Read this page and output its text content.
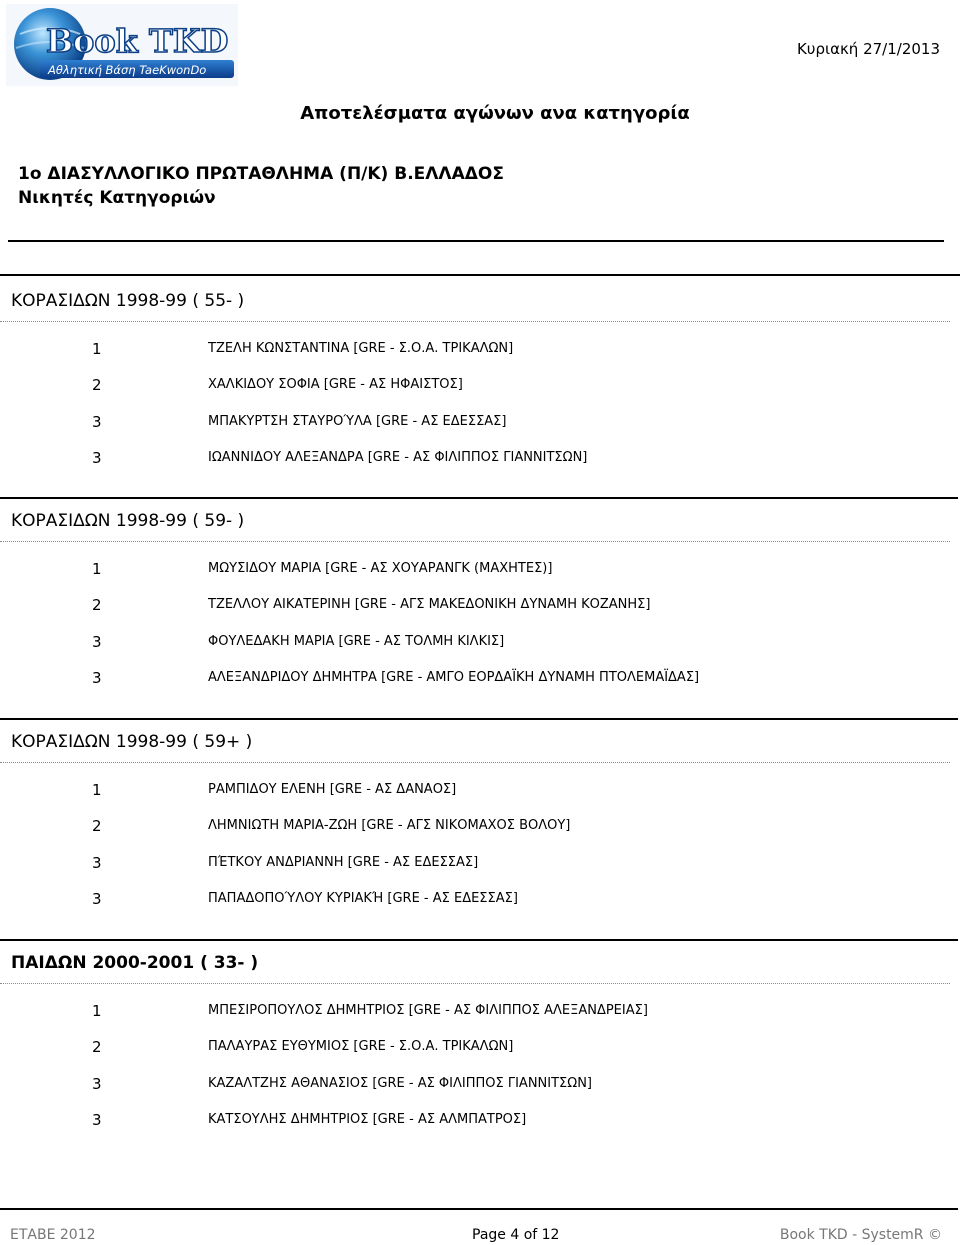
Book TKD
Αθλητική Βάση TaeKwonDo
Κυριακή 27/1/2013
Αποτελέσματα αγώνων ανα κατηγορία
1ο ΔΙΑΣΥΛΛΟΓΙΚΟ ΠΡΩΤΑΘΛΗΜΑ (Π/Κ) Β.ΕΛΛΑΔΟΣ
Νικητές Κατηγοριών
ΚΟΡΑΣΙΔΩΝ 1998-99 ( 55- )
1	ΤΖΕΛΗ ΚΩΝΣΤΑΝΤΙΝΑ [GRE - Σ.Ο.Α. ΤΡΙΚΑΛΩΝ]
2	ΧΑΛΚΙΔΟΥ ΣΟΦΙΑ [GRE - ΑΣ ΗΦΑΙΣΤΟΣ]
3	ΜΠΑΚΥΡΤΣΗ ΣΤΑΥΡΟΎΛΑ [GRE - ΑΣ ΕΔΕΣΣΑΣ]
3	ΙΩΑΝΝΙΔΟΥ ΑΛΕΞΑΝΔΡΑ [GRE - ΑΣ ΦΙΛΙΠΠΟΣ ΓΙΑΝΝΙΤΣΩΝ]
ΚΟΡΑΣΙΔΩΝ 1998-99 ( 59- )
1	ΜΩΥΣΙΔΟΥ ΜΑΡΙΑ [GRE - ΑΣ ΧΟΥΑΡΑΝΓΚ (ΜΑΧΗΤΕΣ)]
2	ΤΖΕΛΛΟΥ ΑΙΚΑΤΕΡΙΝΗ [GRE - ΑΓΣ ΜΑΚΕΔΟΝΙΚΗ ΔΥΝΑΜΗ ΚΟΖΑΝΗΣ]
3	ΦΟΥΛΕΔΑΚΗ ΜΑΡΙΑ [GRE - ΑΣ ΤΟΛΜΗ ΚΙΛΚΙΣ]
3	ΑΛΕΞΑΝΔΡΙΔΟΥ ΔΗΜΗΤΡΑ [GRE - ΑΜΓΟ ΕΟΡΔΑΪΚΗ ΔΥΝΑΜΗ ΠΤΟΛΕΜΑΪΔΑΣ]
ΚΟΡΑΣΙΔΩΝ 1998-99 ( 59+ )
1	ΡΑΜΠΙΔΟΥ ΕΛΕΝΗ [GRE - ΑΣ ΔΑΝΑΟΣ]
2	ΛΗΜΝΙΩΤΗ ΜΑΡΙΑ-ΖΩΗ [GRE - ΑΓΣ ΝΙΚΟΜΑΧΟΣ ΒΟΛΟΥ]
3	ΠΈΤΚΟΥ ΑΝΔΡΙΑΝΝΗ [GRE - ΑΣ ΕΔΕΣΣΑΣ]
3	ΠΑΠΑΔΟΠΟΎΛΟΥ ΚΥΡΙΑΚΉ [GRE - ΑΣ ΕΔΕΣΣΑΣ]
ΠΑΙΔΩΝ 2000-2001 ( 33- )
1	ΜΠΕΣΙΡΟΠΟΥΛΟΣ ΔΗΜΗΤΡΙΟΣ [GRE - ΑΣ ΦΙΛΙΠΠΟΣ ΑΛΕΞΑΝΔΡΕΙΑΣ]
2	ΠΑΛΑΥΡΑΣ ΕΥΘΥΜΙΟΣ [GRE - Σ.Ο.Α. ΤΡΙΚΑΛΩΝ]
3	ΚΑΖΑΛΤΖΗΣ ΑΘΑΝΑΣΙΟΣ [GRE - ΑΣ ΦΙΛΙΠΠΟΣ ΓΙΑΝΝΙΤΣΩΝ]
3	ΚΑΤΣΟΥΛΗΣ ΔΗΜΗΤΡΙΟΣ [GRE - ΑΣ ΑΛΜΠΑΤΡΟΣ]
ΕΤΑΒΕ 2012	Page 4 of 12	Book TKD - SystemR ©
